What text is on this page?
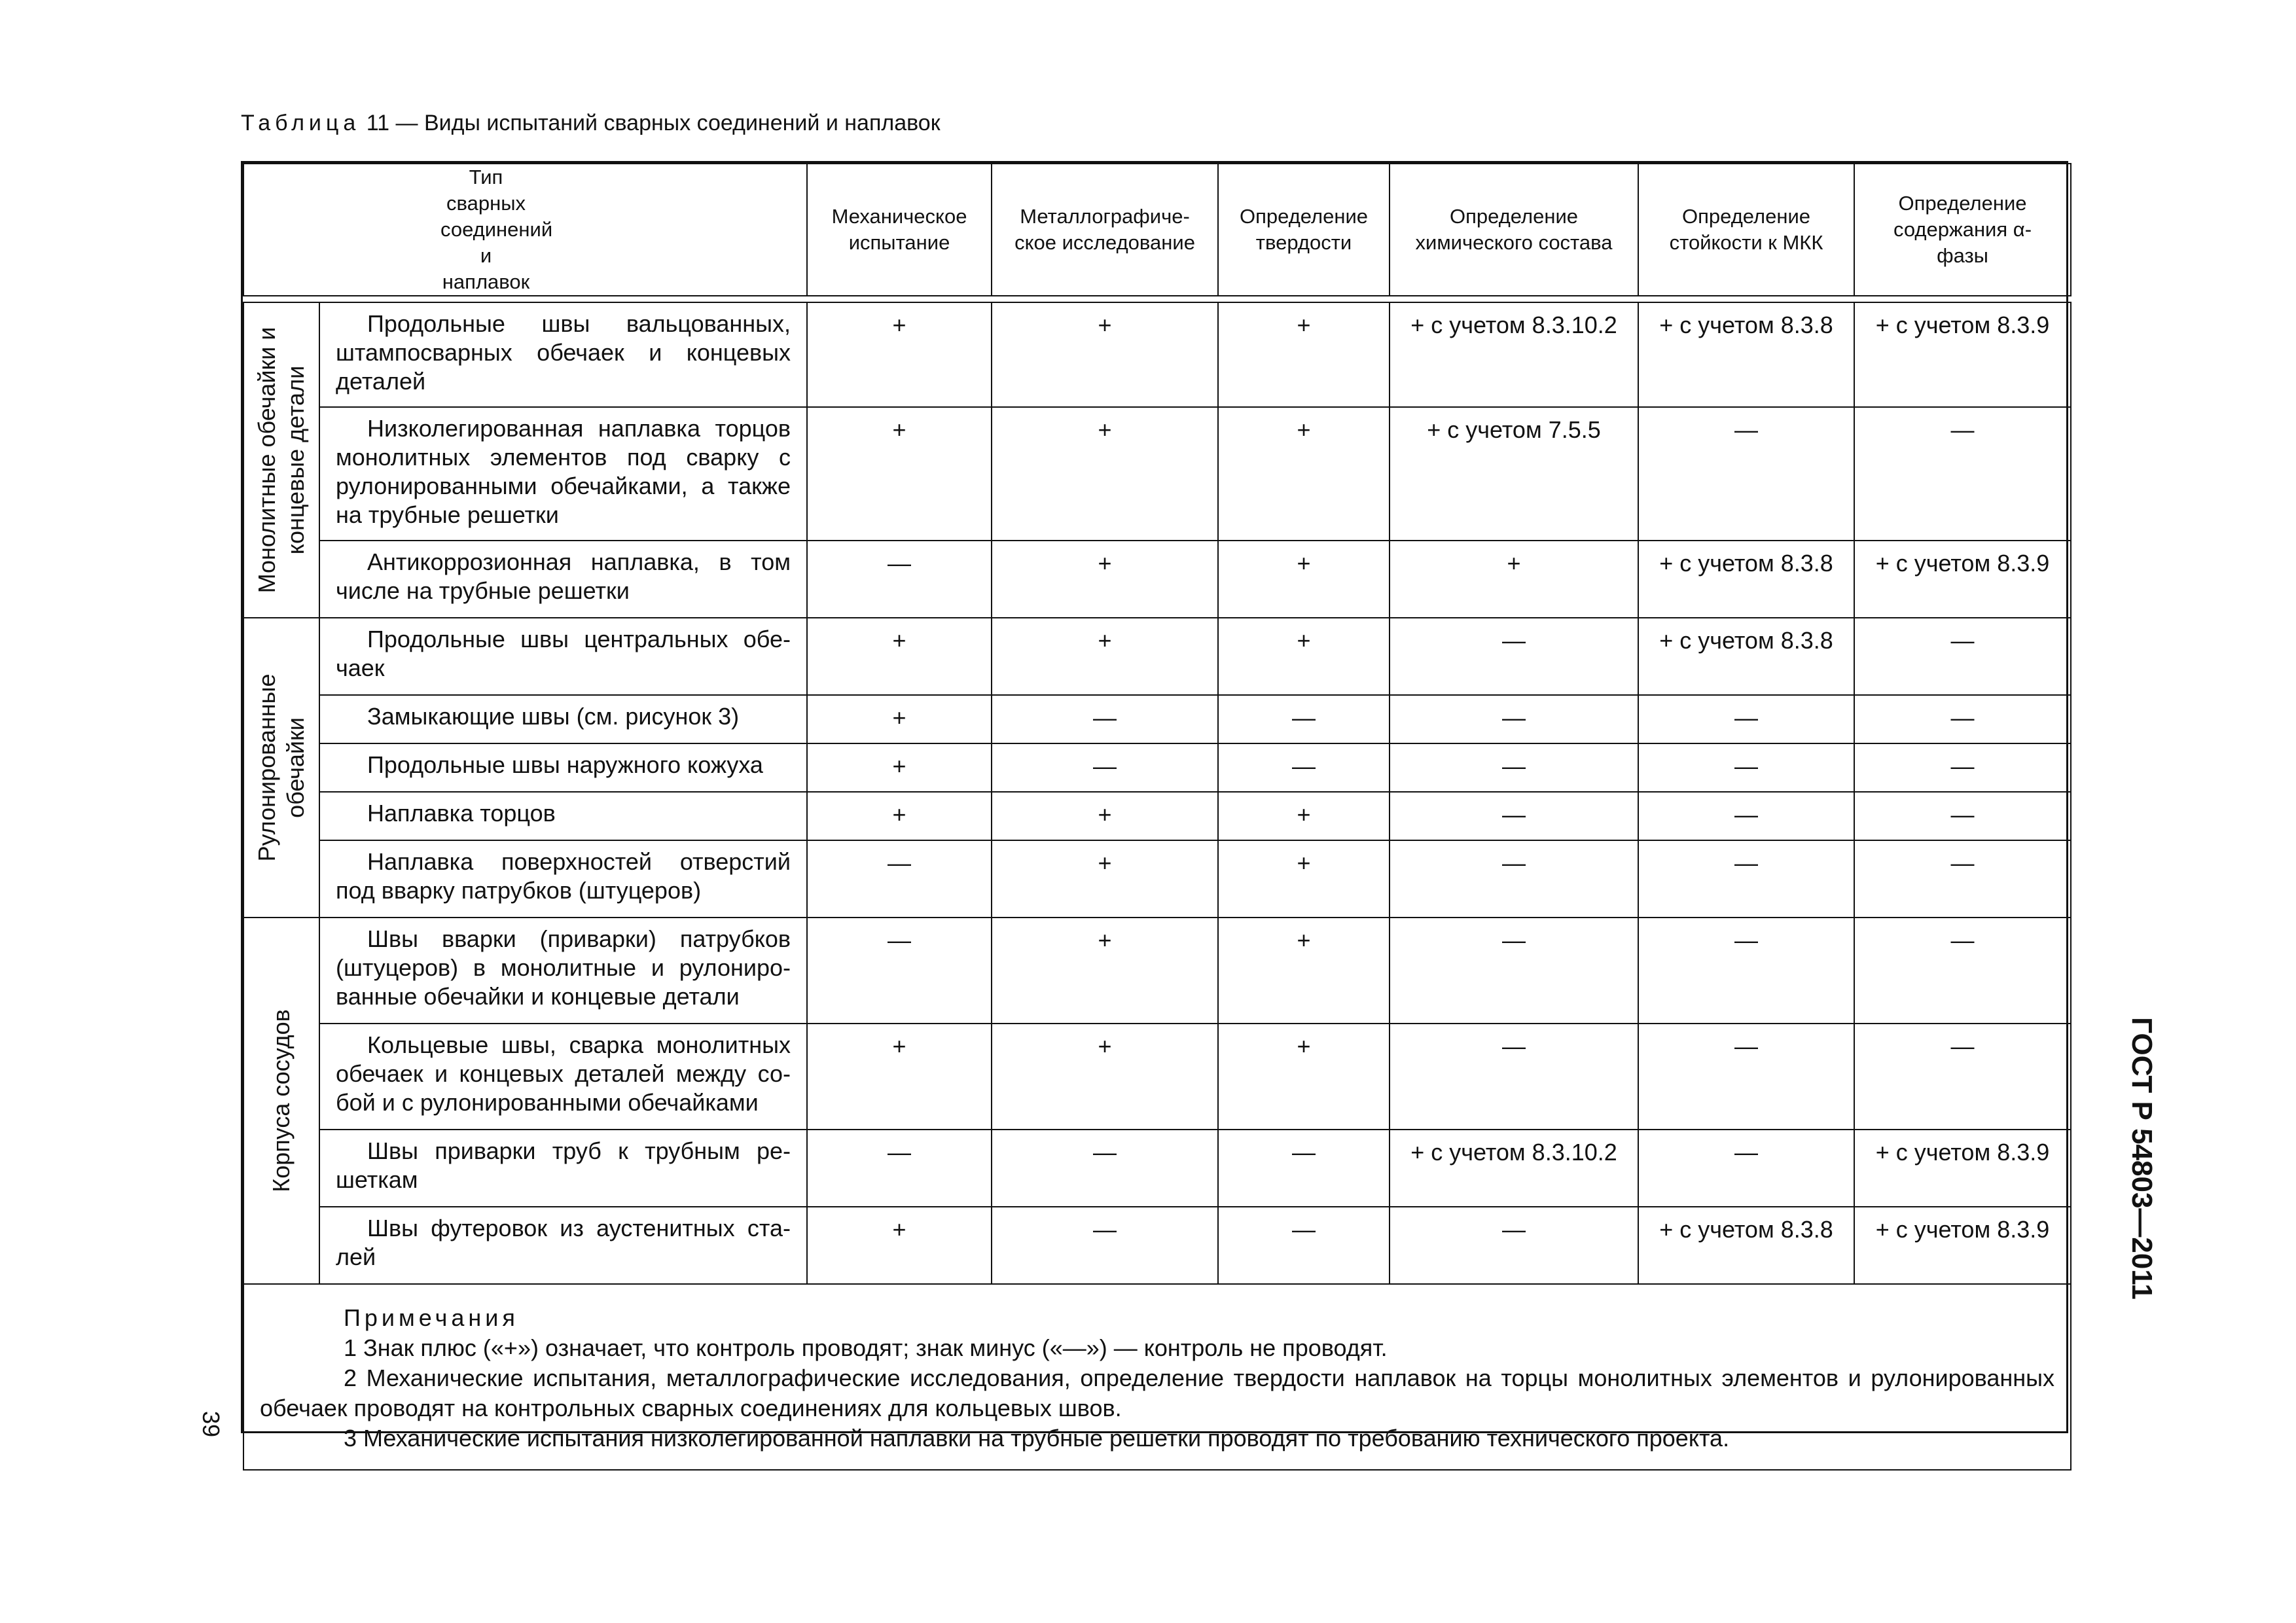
Таблица 11 — Виды испытаний сварных соединений и наплавок
Тип сварных соединений и наплавок		Механическое испытание	Металлографическое исследование	Определение твердости	Определение химического состава	Определение стойкости к МКК	Определение содержания α-фазы

Монолитные обечайки и концевые детали	Продольные швы вальцованных, штампосварных обечаек и концевых деталей	+	+	+	+ с учетом 8.3.10.2	+ с учетом 8.3.8	+ с учетом 8.3.9

	Низколегированная наплавка торцов монолитных элементов под сварку с рулонированными обечайками, а также на трубные решетки	+	+	+	+ с учетом 7.5.5	—	—

	Антикоррозионная наплавка, в том числе на трубные решетки	—	+	+	+	+ с учетом 8.3.8	+ с учетом 8.3.9

Рулонированные обечайки	Продольные швы центральных обечаек	+	+	+	—	+ с учетом 8.3.8	—

	Замыкающие швы (см. рисунок 3)	+	—	—	—	—	—

	Продольные швы наружного кожуха	+	—	—	—	—	—

	Наплавка торцов	+	+	+	—	—	—

	Наплавка поверхностей отверстий под вварку патрубков (штуцеров)	—	+	+	—	—	—

Корпуса сосудов	Швы вварки (приварки) патрубков (штуцеров) в монолитные и рулонированные обечайки и концевые детали	—	+	+	—	—	—

	Кольцевые швы, сварка монолитных обечаек и концевых деталей между собой и с рулонированными обечайками	+	+	+	—	—	—

	Швы приварки труб к трубным решеткам	—	—	—	+ с учетом 8.3.10.2	—	+ с учетом 8.3.9

	Швы футеровок из аустенитных сталей	+	—	—	—	+ с учетом 8.3.8	+ с учетом 8.3.9

Примечания
1 Знак плюс («+») означает, что контроль проводят; знак минус («—») — контроль не проводят.
2 Механические испытания, металлографические исследования, определение твердости наплавок на торцы монолитных элементов и рулонированных обечаек проводят на контрольных сварных соединениях для кольцевых швов.
3 Механические испытания низколегированной наплавки на трубные решетки проводят по требованию технического проекта.							
ГОСТ Р 54803—2011
39
